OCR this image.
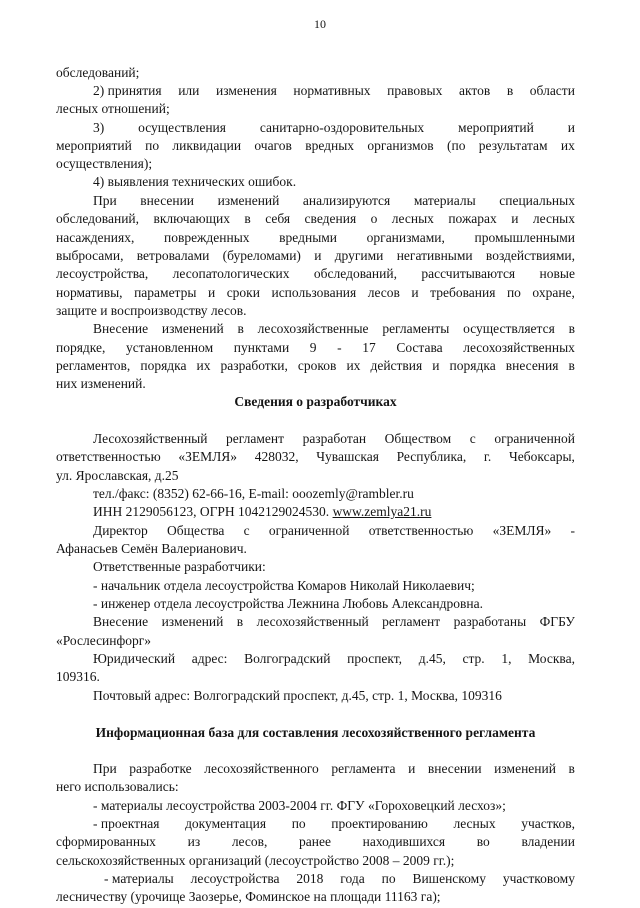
10
обследований;
2) принятия или изменения нормативных правовых актов в области
лесных отношений;
3)	осуществления	санитарно-оздоровительных	мероприятий	и
мероприятий по ликвидации очагов вредных организмов (по результатам их
осуществления);
4) выявления технических ошибок.
При внесении изменений анализируются материалы специальных
обследований, включающих в себя сведения о лесных пожарах и лесных
насаждениях, поврежденных вредными организмами, промышленными
выбросами, ветровалами (буреломами) и другими негативными воздействиями,
лесоустройства, лесопатологических обследований, рассчитываются новые
нормативы, параметры и сроки использования лесов и требования по охране,
защите и воспроизводству лесов.
Внесение изменений в лесохозяйственные регламенты осуществляется в
порядке, установленном пунктами 9 - 17 Состава лесохозяйственных
регламентов, порядка их разработки, сроков их действия и порядка внесения в
них изменений.
Сведения о разработчиках
Лесохозяйственный регламент разработан Обществом с ограниченной
ответственностью «ЗЕМЛЯ» 428032, Чувашская Республика, г. Чебоксары,
ул. Ярославская, д.25
тел./факс: (8352) 62-66-16, E-mail: ooozemly@rambler.ru
ИНН 2129056123, ОГРН 1042129024530. www.zemlya21.ru
Директор Общества с ограниченной ответственностью «ЗЕМЛЯ» -
Афанасьев Семён Валерианович.
Ответственные разработчики:
- начальник отдела лесоустройства Комаров Николай Николаевич;
- инженер отдела лесоустройства Лежнина Любовь Александровна.
Внесение изменений в лесохозяйственный регламент разработаны ФГБУ
«Рослесинфорг»
Юридический адрес: Волгоградский проспект, д.45, стр. 1, Москва,
109316.
Почтовый адрес: Волгоградский проспект, д.45, стр. 1, Москва, 109316
Информационная база для составления лесохозяйственного регламента
При разработке лесохозяйственного регламента и внесении изменений в
него использовались:
- материалы лесоустройства 2003-2004 гг. ФГУ «Гороховецкий лесхоз»;
- проектная документация по проектированию лесных участков,
сформированных из лесов, ранее находившихся во владении
сельскохозяйственных организаций (лесоустройство 2008 – 2009 гг.);
- материалы лесоустройства 2018 года по Вишенскому участковому
лесничеству (урочище Заозерье, Фоминское на площади 11163 га);
